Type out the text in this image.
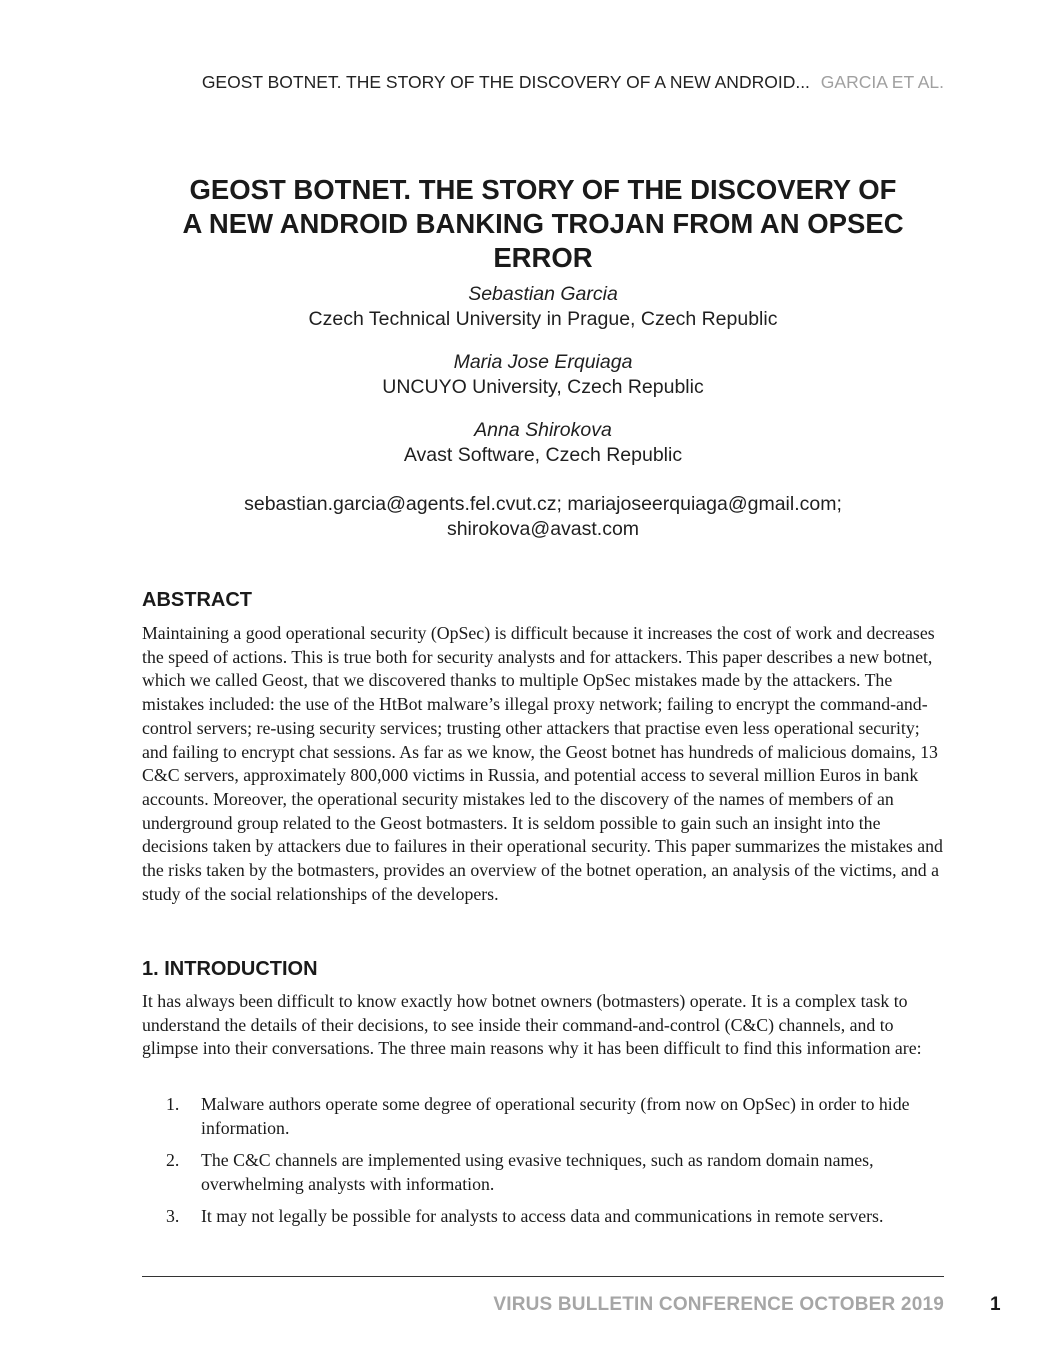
GEOST BOTNET. THE STORY OF THE DISCOVERY OF A NEW ANDROID... GARCIA ET AL.
GEOST BOTNET. THE STORY OF THE DISCOVERY OF
A NEW ANDROID BANKING TROJAN FROM AN OPSEC
ERROR
Sebastian Garcia
Czech Technical University in Prague, Czech Republic
Maria Jose Erquiaga
UNCUYO University, Czech Republic
Anna Shirokova
Avast Software, Czech Republic
sebastian.garcia@agents.fel.cvut.cz; mariajoseerquiaga@gmail.com;
shirokova@avast.com
ABSTRACT

Maintaining a good operational security (OpSec) is difficult because it increases the cost of work and decreases the speed of actions. This is true both for security analysts and for attackers. This paper describes a new botnet, which we called Geost, that we discovered thanks to multiple OpSec mistakes made by the attackers. The mistakes included: the use of the HtBot malware’s illegal proxy network; failing to encrypt the command-and-control servers; re-using security services; trusting other attackers that practise even less operational security; and failing to encrypt chat sessions. As far as we know, the Geost botnet has hundreds of malicious domains, 13 C&C servers, approximately 800,000 victims in Russia, and potential access to several million Euros in bank accounts. Moreover, the operational security mistakes led to the discovery of the names of members of an underground group related to the Geost botmasters. It is seldom possible to gain such an insight into the decisions taken by attackers due to failures in their operational security. This paper summarizes the mistakes and the risks taken by the botmasters, provides an overview of the botnet operation, an analysis of the victims, and a study of the social relationships of the developers.

1. INTRODUCTION

It has always been difficult to know exactly how botnet owners (botmasters) operate. It is a complex task to understand the details of their decisions, to see inside their command-and-control (C&C) channels, and to glimpse into their conversations. The three main reasons why it has been difficult to find this information are:

1. Malware authors operate some degree of operational security (from now on OpSec) in order to hide information.
2. The C&C channels are implemented using evasive techniques, such as random domain names, overwhelming analysts with information.
3. It may not legally be possible for analysts to access data and communications in remote servers.
VIRUS BULLETIN CONFERENCE OCTOBER 2019 1
